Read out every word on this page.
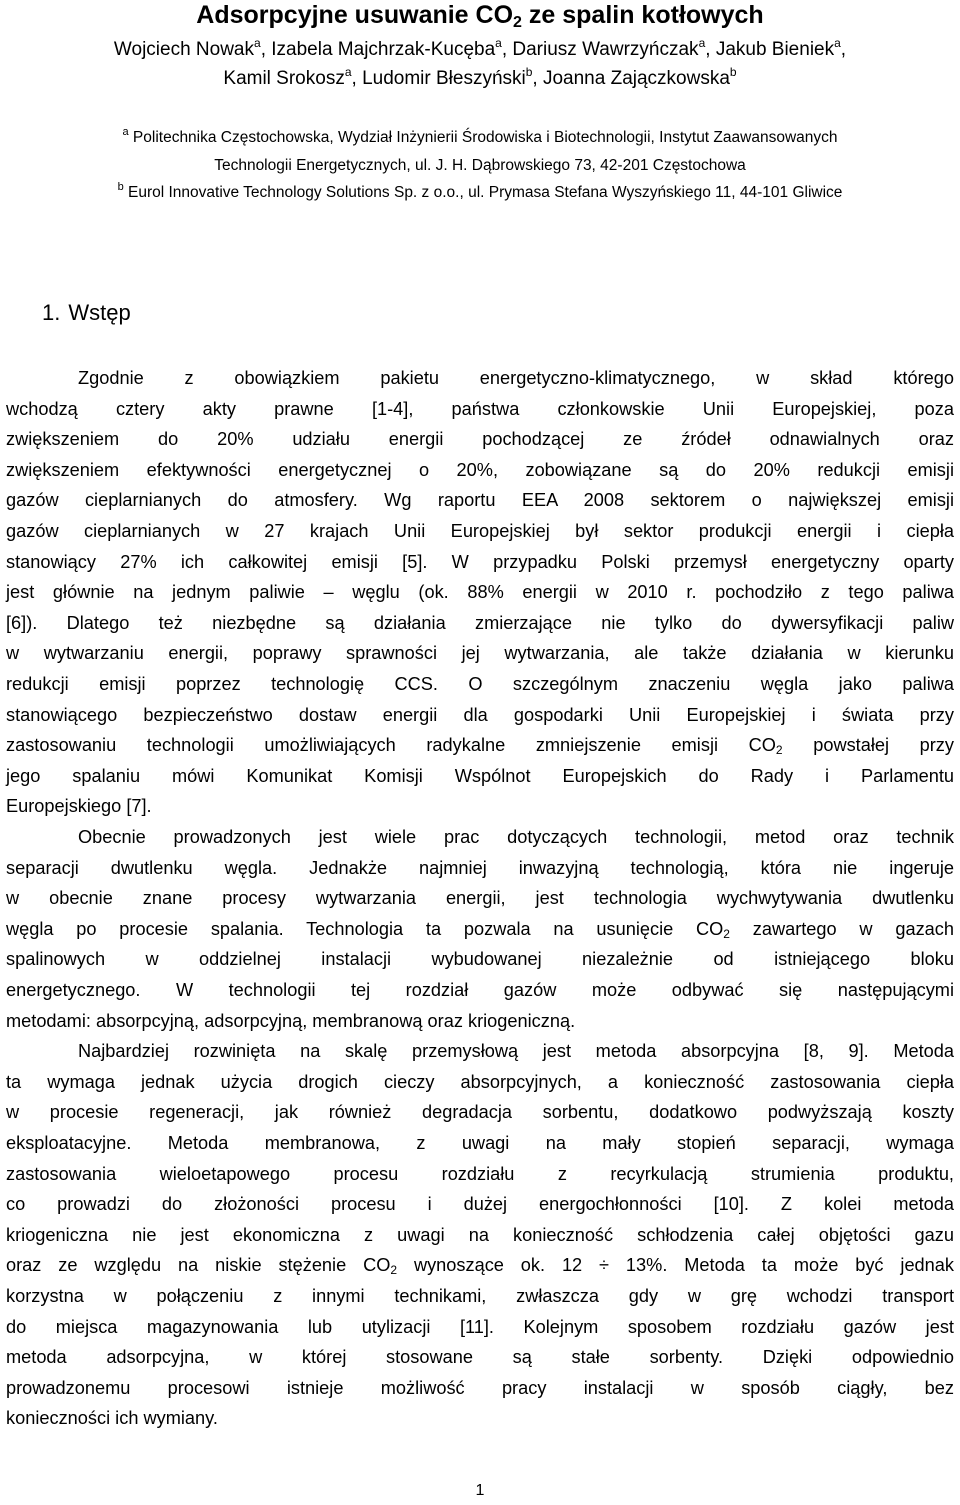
Adsorpcyjne usuwanie $CO_2$ ze spalin kotłowych
Wojciech Nowak$^a$, Izabela Majchrzak-Kucęba$^a$, Dariusz Wawrzyńczak$^a$, Jakub Bieniek$^a$,
Kamil Srokosz$^a$, Ludomir Błeszyński$^b$, Joanna Zajączkowska$^b$
$^a$ Politechnika Częstochowska, Wydział Inżynierii Środowiska i Biotechnologii, Instytut Zaawansowanych
Technologii Energetycznych, ul. J. H. Dąbrowskiego 73, 42-201 Częstochowa
$^b$ Eurol Innovative Technology Solutions Sp. z o.o., ul. Prymasa Stefana Wyszyńskiego 11, 44-101 Gliwice
1. Wstęp
Zgodnie z obowiązkiem pakietu energetyczno-klimatycznego, w skład którego
wchodzą cztery akty prawne [1-4], państwa członkowskie Unii Europejskiej, poza
zwiększeniem do 20% udziału energii pochodzącej ze źródeł odnawialnych oraz
zwiększeniem efektywności energetycznej o 20%, zobowiązane są do 20% redukcji emisji
gazów cieplarnianych do atmosfery. Wg raportu EEA 2008 sektorem o największej emisji
gazów cieplarnianych w 27 krajach Unii Europejskiej był sektor produkcji energii i ciepła
stanowiący 27% ich całkowitej emisji [5]. W przypadku Polski przemysł energetyczny oparty
jest głównie na jednym paliwie – węglu (ok. 88% energii w 2010 r. pochodziło z tego paliwa
[6]). Dlatego też niezbędne są działania zmierzające nie tylko do dywersyfikacji paliw
w wytwarzaniu energii, poprawy sprawności jej wytwarzania, ale także działania w kierunku
redukcji emisji poprzez technologię CCS. O szczególnym znaczeniu węgla jako paliwa
stanowiącego bezpieczeństwo dostaw energii dla gospodarki Unii Europejskiej i świata przy
zastosowaniu technologii umożliwiających radykalne zmniejszenie emisji $CO_2$ powstałej przy
jego spalaniu mówi Komunikat Komisji Wspólnot Europejskich do Rady i Parlamentu
Europejskiego [7].
Obecnie prowadzonych jest wiele prac dotyczących technologii, metod oraz technik
separacji dwutlenku węgla. Jednakże najmniej inwazyjną technologią, która nie ingeruje
w obecnie znane procesy wytwarzania energii, jest technologia wychwytywania dwutlenku
węgla po procesie spalania. Technologia ta pozwala na usunięcie $CO_2$ zawartego w gazach
spalinowych w oddzielnej instalacji wybudowanej niezależnie od istniejącego bloku
energetycznego. W technologii tej rozdział gazów może odbywać się następującymi
metodami: absorpcyjną, adsorpcyjną, membranową oraz kriogeniczną.
Najbardziej rozwinięta na skalę przemysłową jest metoda absorpcyjna [8, 9]. Metoda
ta wymaga jednak użycia drogich cieczy absorpcyjnych, a konieczność zastosowania ciepła
w procesie regeneracji, jak również degradacja sorbentu, dodatkowo podwyższają koszty
eksploatacyjne. Metoda membranowa, z uwagi na mały stopień separacji, wymaga
zastosowania wieloetapowego procesu rozdziału z recyrkulacją strumienia produktu,
co prowadzi do złożoności procesu i dużej energochłonności [10]. Z kolei metoda
kriogeniczna nie jest ekonomiczna z uwagi na konieczność schłodzenia całej objętości gazu
oraz ze względu na niskie stężenie $CO_2$ wynoszące ok. 12 ÷ 13%. Metoda ta może być jednak
korzystna w połączeniu z innymi technikami, zwłaszcza gdy w grę wchodzi transport
do miejsca magazynowania lub utylizacji [11]. Kolejnym sposobem rozdziału gazów jest
metoda adsorpcyjna, w której stosowane są stałe sorbenty. Dzięki odpowiednio
prowadzonemu procesowi istnieje możliwość pracy instalacji w sposób ciągły, bez
konieczności ich wymiany.
1
